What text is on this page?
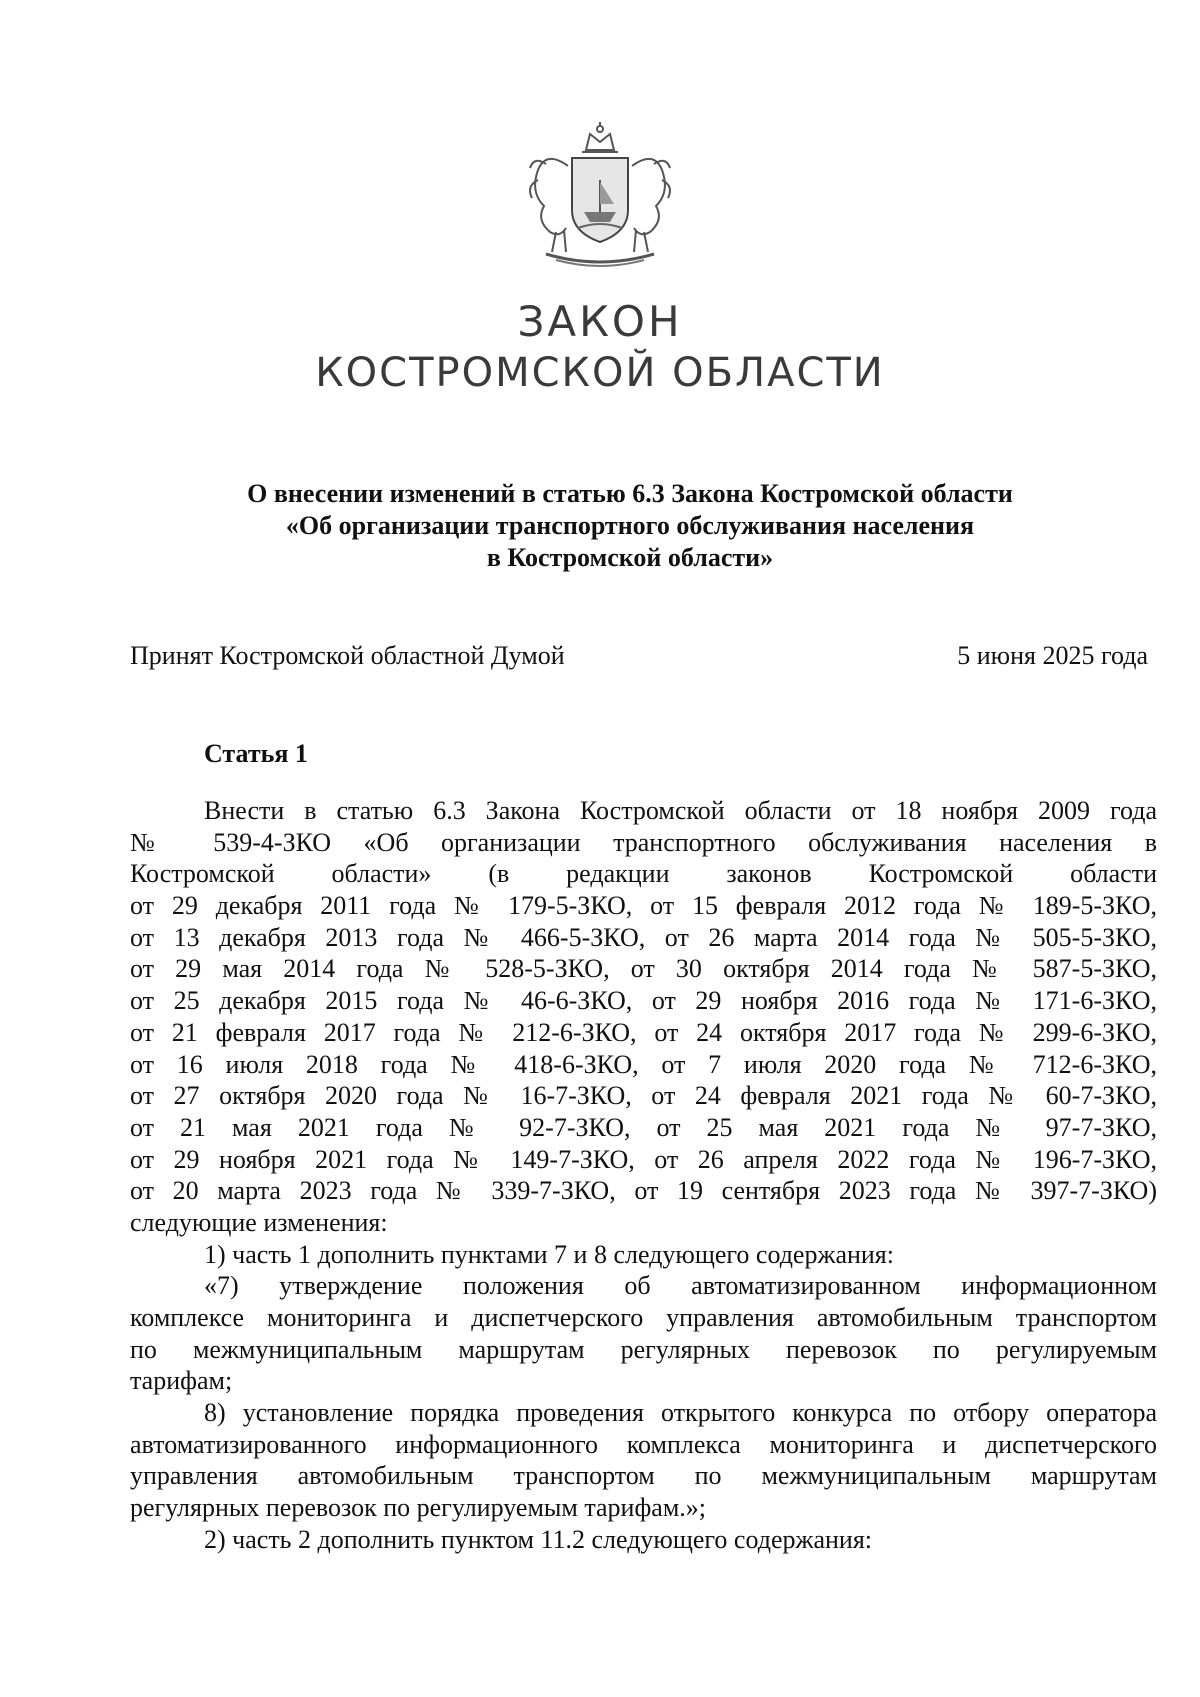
ЗАКОН
КОСТРОМСКОЙ ОБЛАСТИ
О внесении изменений в статью 6.3 Закона Костромской области
«Об организации транспортного обслуживания населения
в Костромской области»
Принят Костромской областной Думой	5 июня 2025 года
Статья 1
Внести в статью 6.3 Закона Костромской области от 18 ноября 2009 года
№ 539-4-ЗКО «Об организации транспортного обслуживания населения в
Костромской области» (в редакции законов Костромской области
от 29 декабря 2011 года № 179-5-ЗКО, от 15 февраля 2012 года № 189-5-ЗКО,
от 13 декабря 2013 года № 466-5-ЗКО, от 26 марта 2014 года № 505-5-ЗКО,
от 29 мая 2014 года № 528-5-ЗКО, от 30 октября 2014 года № 587-5-ЗКО,
от 25 декабря 2015 года № 46-6-ЗКО, от 29 ноября 2016 года № 171-6-ЗКО,
от 21 февраля 2017 года № 212-6-ЗКО, от 24 октября 2017 года № 299-6-ЗКО,
от 16 июля 2018 года № 418-6-ЗКО, от 7 июля 2020 года № 712-6-ЗКО,
от 27 октября 2020 года № 16-7-ЗКО, от 24 февраля 2021 года № 60-7-ЗКО,
от 21 мая 2021 года № 92-7-ЗКО, от 25 мая 2021 года № 97-7-ЗКО,
от 29 ноября 2021 года № 149-7-ЗКО, от 26 апреля 2022 года № 196-7-ЗКО,
от 20 марта 2023 года № 339-7-ЗКО, от 19 сентября 2023 года № 397-7-ЗКО)
следующие изменения:
1) часть 1 дополнить пунктами 7 и 8 следующего содержания:
«7) утверждение положения об автоматизированном информационном
комплексе мониторинга и диспетчерского управления автомобильным транспортом
по межмуниципальным маршрутам регулярных перевозок по регулируемым
тарифам;
8) установление порядка проведения открытого конкурса по отбору оператора
автоматизированного информационного комплекса мониторинга и диспетчерского
управления автомобильным транспортом по межмуниципальным маршрутам
регулярных перевозок по регулируемым тарифам.»;
2) часть 2 дополнить пунктом 11.2 следующего содержания:
